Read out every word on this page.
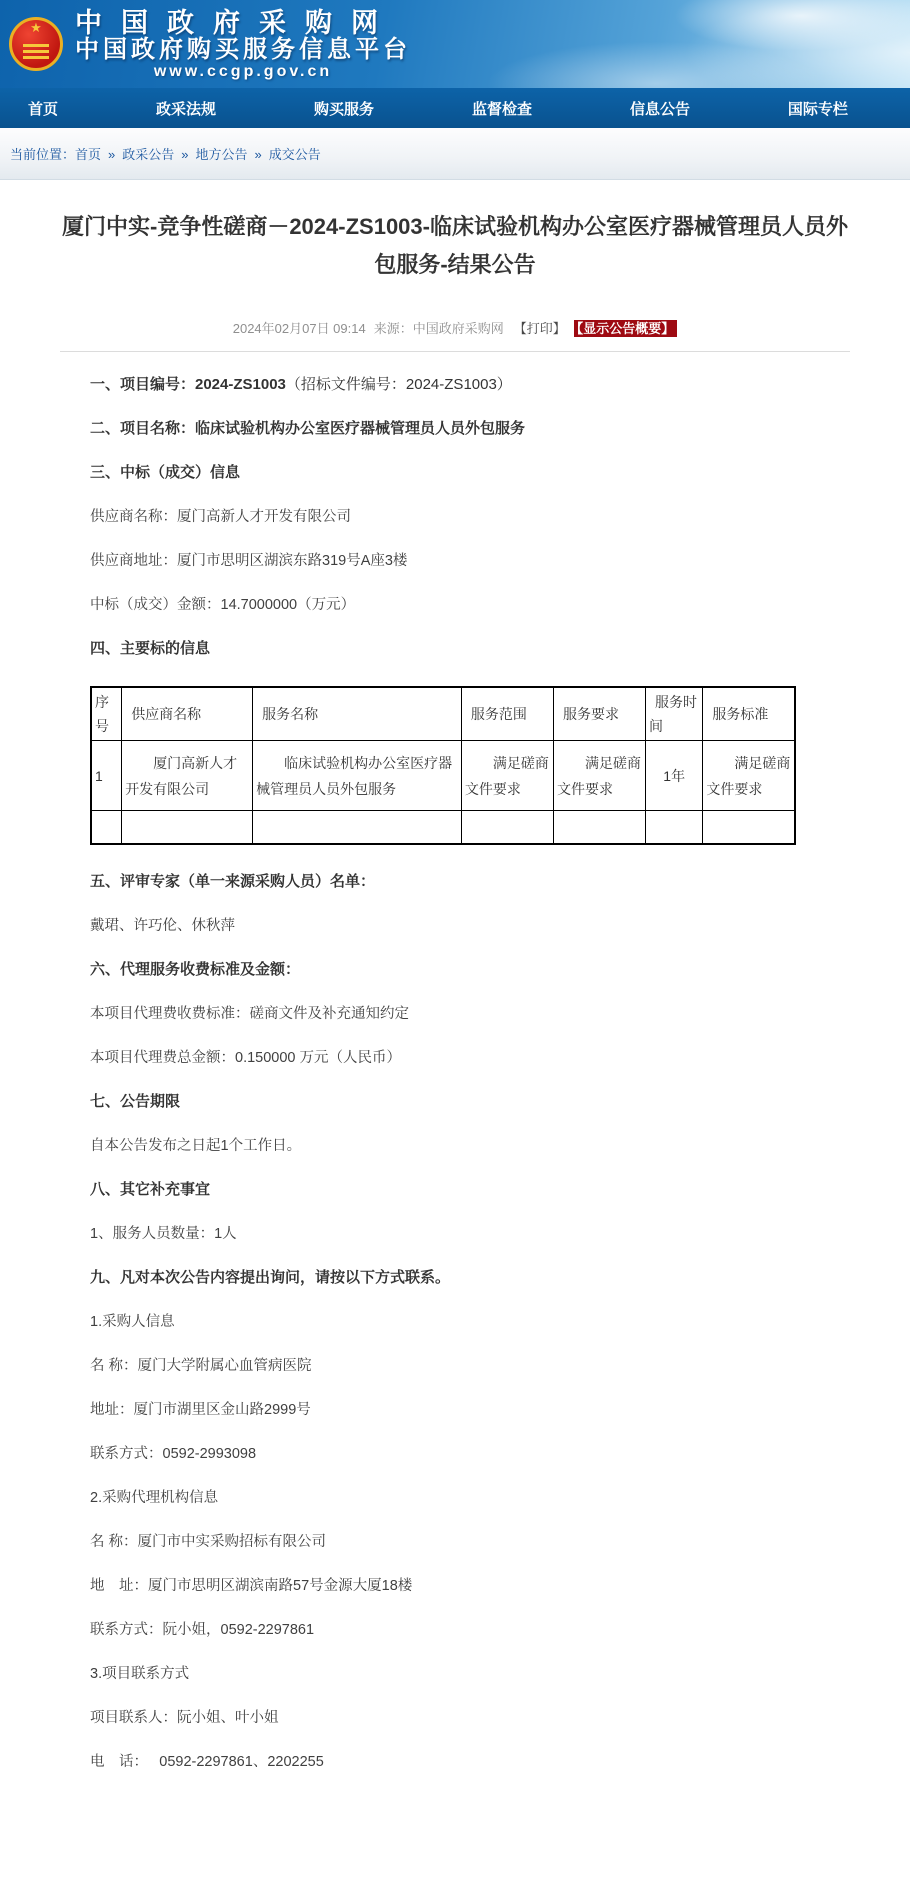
★	中国政府采购网
中国政府购买服务信息平台
www.ccgp.gov.cn
首页	政采法规	购买服务	监督检查	信息公告	国际专栏
当前位置： 首页 » 政采公告 » 地方公告 » 成交公告
厦门中实-竞争性磋商－2024-ZS1003-临床试验机构办公室医疗器械管理员人员外包服务-结果公告
2024年02月07日 09:14 来源：中国政府采购网 【打印】 【显示公告概要】

一、项目编号：2024-ZS1003（招标文件编号：2024-ZS1003）

二、项目名称：临床试验机构办公室医疗器械管理员人员外包服务

三、中标（成交）信息

供应商名称：厦门高新人才开发有限公司

供应商地址：厦门市思明区湖滨东路319号A座3楼

中标（成交）金额：14.7000000（万元）

四、主要标的信息

序号	供应商名称	服务名称	服务范围	服务要求	服务时间	服务标准
1	厦门高新人才开发有限公司	临床试验机构办公室医疗器械管理员人员外包服务	满足磋商文件要求	满足磋商文件要求	1年	满足磋商文件要求

五、评审专家（单一来源采购人员）名单：

戴珺、许巧伦、休秋萍

六、代理服务收费标准及金额：

本项目代理费收费标准：磋商文件及补充通知约定

本项目代理费总金额：0.150000 万元（人民币）

七、公告期限

自本公告发布之日起1个工作日。

八、其它补充事宜

1、服务人员数量：1人

九、凡对本次公告内容提出询问，请按以下方式联系。

1.采购人信息

名 称：厦门大学附属心血管病医院

地址：厦门市湖里区金山路2999号

联系方式：0592-2993098

2.采购代理机构信息

名 称：厦门市中实采购招标有限公司

地　址：厦门市思明区湖滨南路57号金源大厦18楼

联系方式：阮小姐，0592-2297861

3.项目联系方式

项目联系人：阮小姐、叶小姐

电　话：　 0592-2297861、2202255
